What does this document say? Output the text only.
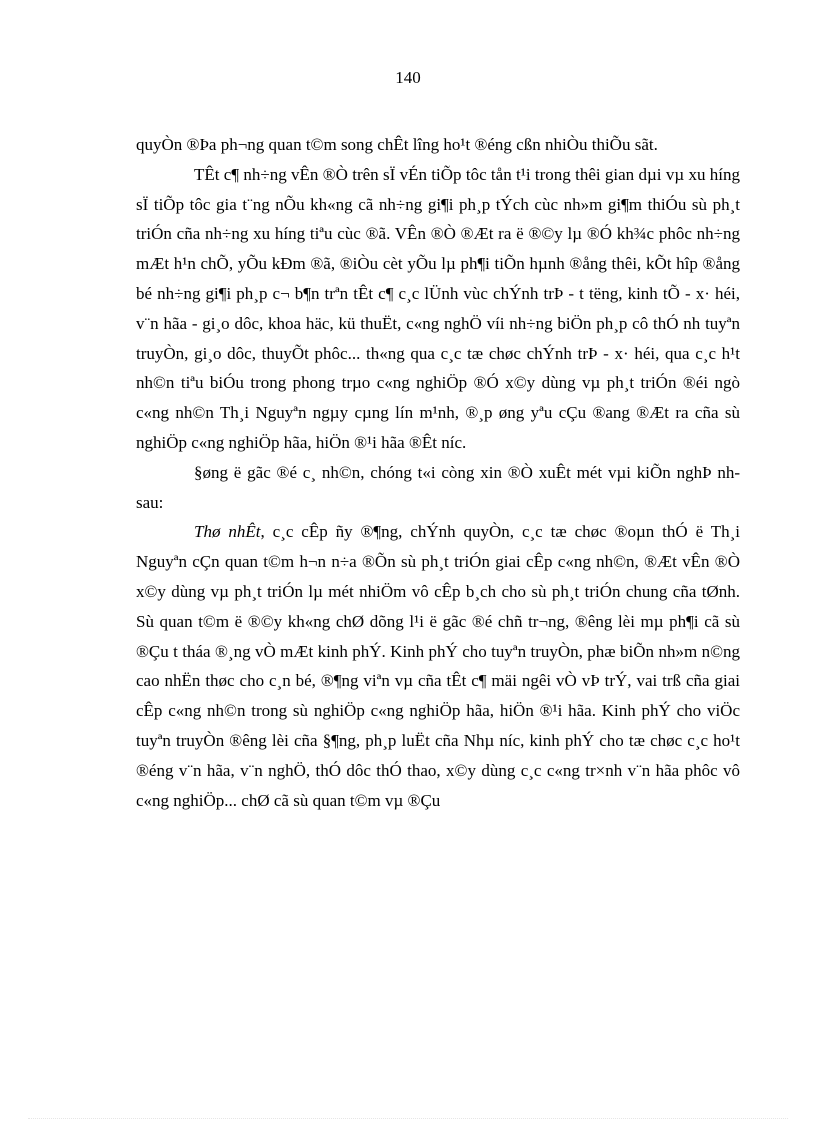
140

quyÒn ®Þa ph¬ng quan t©m song chÊt lîng ho¹t ®éng cßn nhiÒu thiÕu sãt.

TÊt c¶ nh÷ng vÊn ®Ò trên sÏ vÉn tiÕp tôc tån t¹i trong thêi gian dµi vµ xu híng sÏ tiÕp tôc gia t¨ng nÕu kh«ng cã nh÷ng gi¶i ph¸p tÝch cùc nh»m gi¶m thiÓu sù ph¸t triÓn cña nh÷ng xu híng tiªu cùc ®ã. VÊn ®Ò ®Æt ra ë ®©y lµ ®Ó kh¾c phôc nh÷ng mÆt h¹n chÕ, yÕu kÐm ®ã, ®iÒu cèt yÕu lµ ph¶i tiÕn hµnh ®ång thêi, kÕt hîp ®ång bé nh÷ng gi¶i ph¸p c¬ b¶n trªn tÊt c¶ c¸c lÜnh vùc chÝnh trÞ - t tëng, kinh tÕ - x· héi, v¨n hãa - gi¸o dôc, khoa häc, kü thuËt, c«ng nghÖ víi nh÷ng biÖn ph¸p cô thÓ nh tuyªn truyÒn, gi¸o dôc, thuyÕt phôc... th«ng qua c¸c tæ chøc chÝnh trÞ - x· héi, qua c¸c h¹t nh©n tiªu biÓu trong phong trµo c«ng nghiÖp ®Ó x©y dùng vµ ph¸t triÓn ®éi ngò c«ng nh©n Th¸i Nguyªn ngµy cµng lín m¹nh, ®¸p øng yªu cÇu ®ang ®Æt ra cña sù nghiÖp c«ng nghiÖp hãa, hiÖn ®¹i hãa ®Êt níc.

§øng ë gãc ®é c¸ nh©n, chóng t«i còng xin ®Ò xuÊt mét vµi kiÕn nghÞ nh sau:

Thø nhÊt, c¸c cÊp ñy ®¶ng, chÝnh quyÒn, c¸c tæ chøc ®oµn thÓ ë Th¸i Nguyªn cÇn quan t©m h¬n n÷a ®Õn sù ph¸t triÓn giai cÊp c«ng nh©n, ®Æt vÊn ®Ò x©y dùng vµ ph¸t triÓn lµ mét nhiÖm vô cÊp b¸ch cho sù ph¸t triÓn chung cña tØnh. Sù quan t©m ë ®©y kh«ng chØ dõng l¹i ë gãc ®é chñ tr¬ng, ®êng lèi mµ ph¶i cã sù ®Çu t tháa ®¸ng vÒ mÆt kinh phÝ. Kinh phÝ cho tuyªn truyÒn, phæ biÕn nh»m n©ng cao nhËn thøc cho c¸n bé, ®¶ng viªn vµ cña tÊt c¶ mäi ngêi vÒ vÞ trÝ, vai trß cña giai cÊp c«ng nh©n trong sù nghiÖp c«ng nghiÖp hãa, hiÖn ®¹i hãa. Kinh phÝ cho viÖc tuyªn truyÒn ®êng lèi cña §¶ng, ph¸p luËt cña Nhµ níc, kinh phÝ cho tæ chøc c¸c ho¹t ®éng v¨n hãa, v¨n nghÖ, thÓ dôc thÓ thao, x©y dùng c¸c c«ng tr×nh v¨n hãa phôc vô c«ng nghiÖp... chØ cã sù quan t©m vµ ®Çu
